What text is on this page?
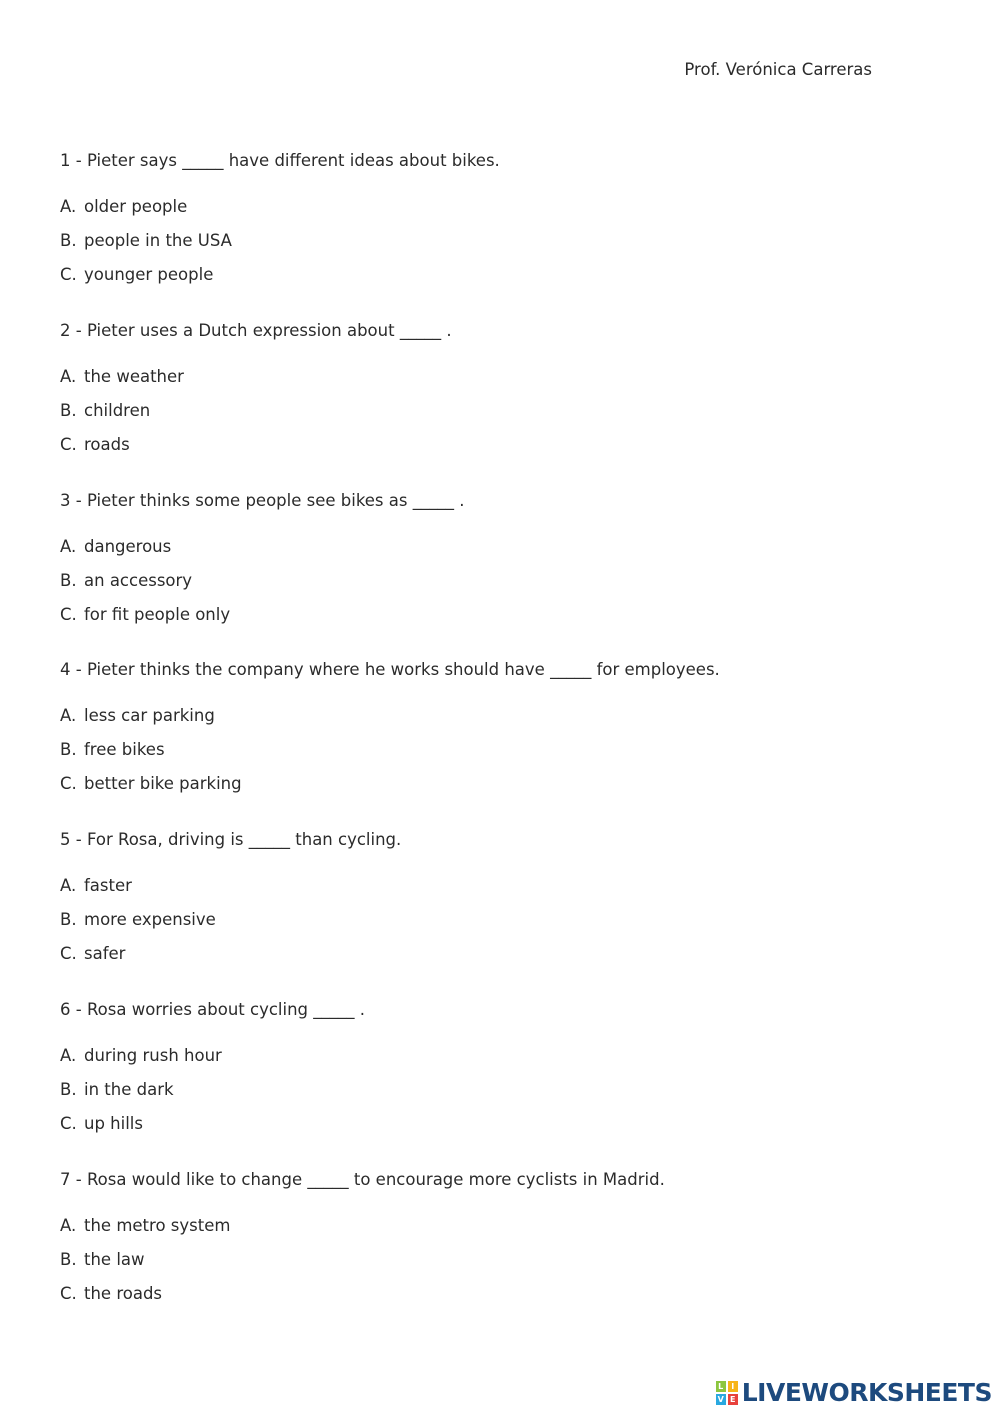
Prof. Verónica Carreras
1 - Pieter says _____ have different ideas about bikes.
A. older people
B. people in the USA
C. younger people
2 - Pieter uses a Dutch expression about _____ .
A. the weather
B. children
C. roads
3 - Pieter thinks some people see bikes as _____ .
A. dangerous
B. an accessory
C. for fit people only
4 - Pieter thinks the company where he works should have _____ for employees.
A. less car parking
B. free bikes
C. better bike parking
5 - For Rosa, driving is _____ than cycling.
A. faster
B. more expensive
C. safer
6 - Rosa worries about cycling _____ .
A. during rush hour
B. in the dark
C. up hills
7 - Rosa would like to change _____ to encourage more cyclists in Madrid.
A. the metro system
B. the law
C. the roads
L I
V E LIVEWORKSHEETS
